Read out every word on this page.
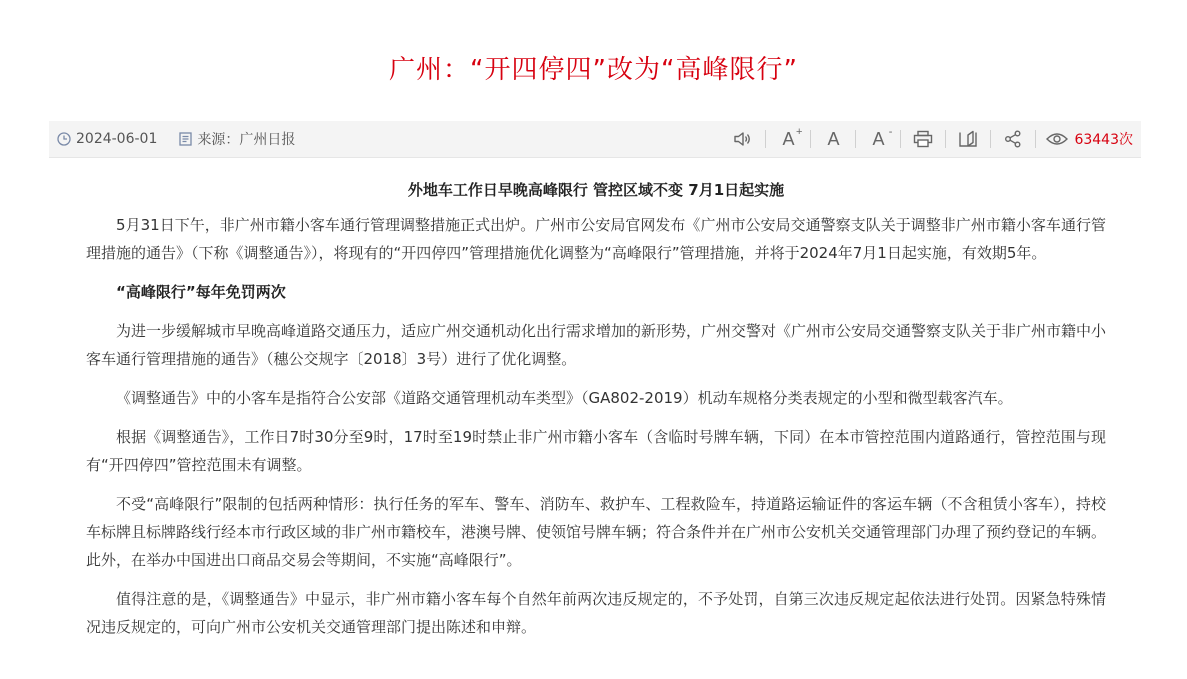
广州：“开四停四”改为“高峰限行”
2024-06-01	来源：广州日报	A + A A -	63443次
外地车工作日早晚高峰限行 管控区域不变 7月1日起实施

5月31日下午，非广州市籍小客车通行管理调整措施正式出炉。广州市公安局官网发布《广州市公安局交通警察支队关于调整非广州市籍小客车通行管理措施的通告》（下称《调整通告》），将现有的“开四停四”管理措施优化调整为“高峰限行”管理措施，并将于2024年7月1日起实施，有效期5年。

“高峰限行”每年免罚两次

为进一步缓解城市早晚高峰道路交通压力，适应广州交通机动化出行需求增加的新形势，广州交警对《广州市公安局交通警察支队关于非广州市籍中小客车通行管理措施的通告》（穗公交规字〔2018〕3号）进行了优化调整。

《调整通告》中的小客车是指符合公安部《道路交通管理机动车类型》（GA802-2019）机动车规格分类表规定的小型和微型载客汽车。

根据《调整通告》，工作日7时30分至9时，17时至19时禁止非广州市籍小客车（含临时号牌车辆，下同）在本市管控范围内道路通行，管控范围与现有“开四停四”管控范围未有调整。

不受“高峰限行”限制的包括两种情形：执行任务的军车、警车、消防车、救护车、工程救险车，持道路运输证件的客运车辆（不含租赁小客车），持校车标牌且标牌路线行经本市行政区域的非广州市籍校车，港澳号牌、使领馆号牌车辆；符合条件并在广州市公安机关交通管理部门办理了预约登记的车辆。此外，在举办中国进出口商品交易会等期间，不实施“高峰限行”。

值得注意的是，《调整通告》中显示，非广州市籍小客车每个自然年前两次违反规定的，不予处罚，自第三次违反规定起依法进行处罚。因紧急特殊情况违反规定的，可向广州市公安机关交通管理部门提出陈述和申辩。
